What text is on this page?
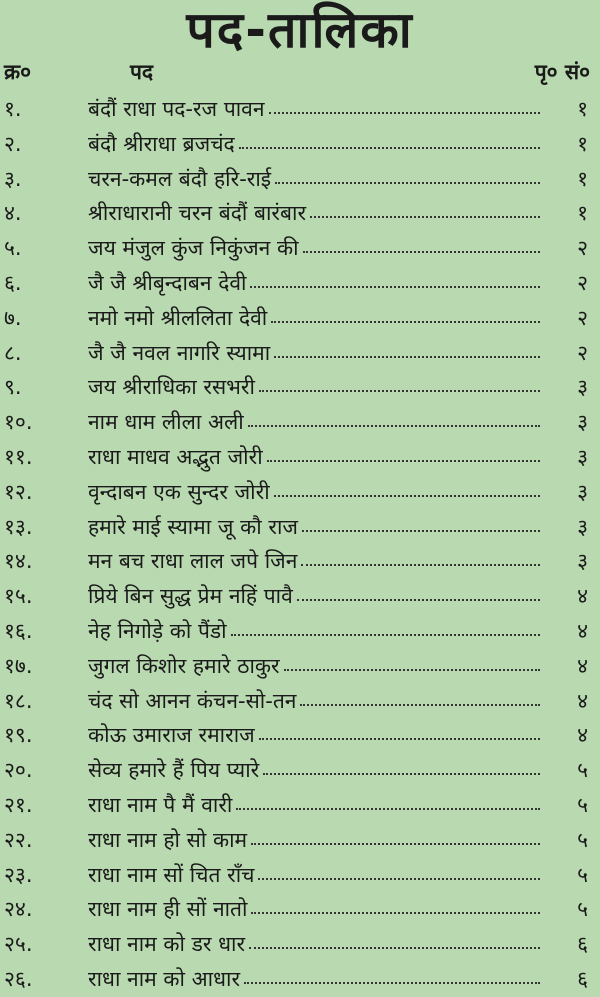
पद-तालिका
क्र०	पद	पृ० सं०
१.	बंदौं राधा पद-रज पावन	१
२.	बंदौ श्रीराधा ब्रजचंद	१
३.	चरन-कमल बंदौ हरि-राई	१
४.	श्रीराधारानी चरन बंदौं बारंबार	१
५.	जय मंजुल कुंज निकुंजन की	२
६.	जै जै श्रीबृन्दाबन देवी	२
७.	नमो नमो श्रीललिता देवी	२
८.	जै जै नवल नागरि स्यामा	२
९.	जय श्रीराधिका रसभरी	३
१०.	नाम धाम लीला अली	३
११.	राधा माधव अद्भुत जोरी	३
१२.	वृन्दाबन एक सुन्दर जोरी	३
१३.	हमारे माई स्यामा जू कौ राज	३
१४.	मन बच राधा लाल जपे जिन	३
१५.	प्रिये बिन सुद्ध प्रेम नहिं पावै	४
१६.	नेह निगोड़े को पैंडो	४
१७.	जुगल किशोर हमारे ठाकुर	४
१८.	चंद सो आनन कंचन-सो-तन	४
१९.	कोऊ उमाराज रमाराज	४
२०.	सेव्य हमारे हैं पिय प्यारे	५
२१.	राधा नाम पै मैं वारी	५
२२.	राधा नाम हो सो काम	५
२३.	राधा नाम सों चित राँच	५
२४.	राधा नाम ही सों नातो	५
२५.	राधा नाम को डर धार	६
२६.	राधा नाम को आधार	६
